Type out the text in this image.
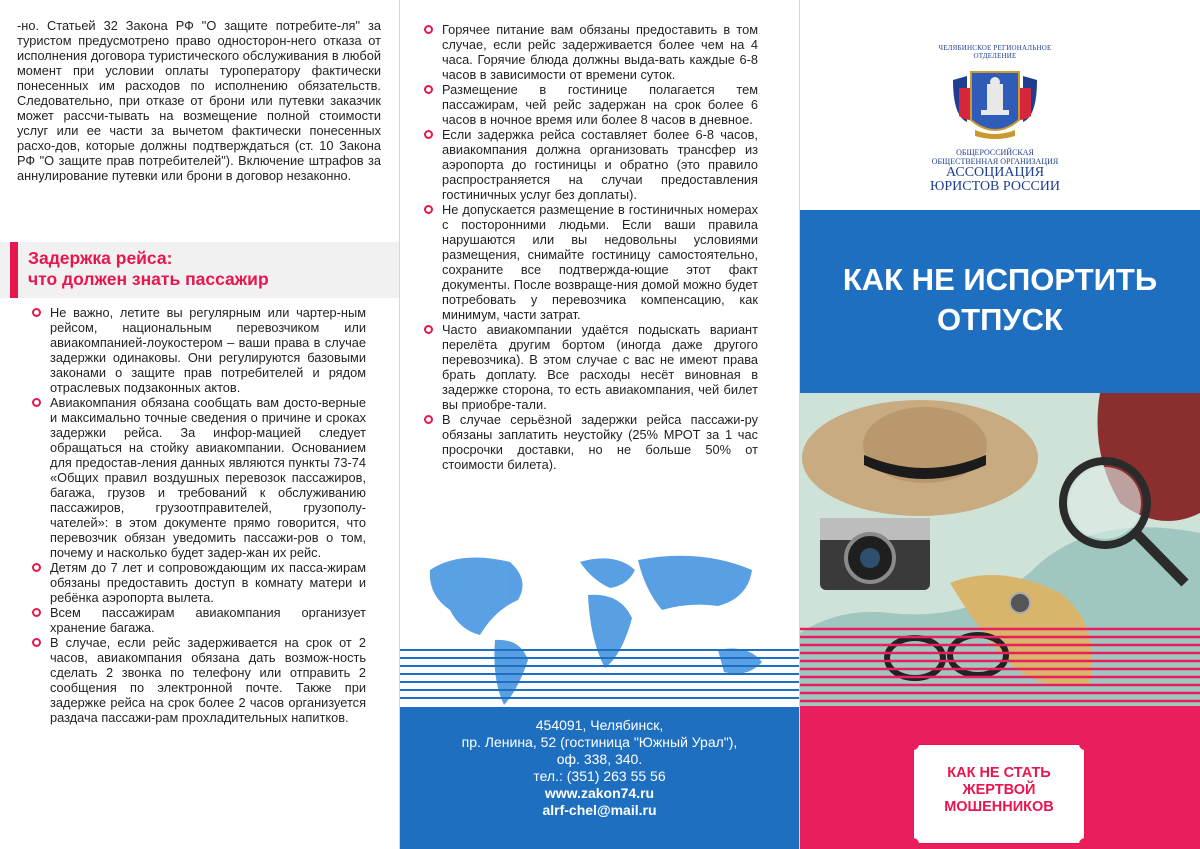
-но. Статьей 32 Закона РФ "О защите потребите-ля" за туристом предусмотрено право односторон-него отказа от исполнения договора туристического обслуживания в любой момент при условии оплаты туроператору фактически понесенных им расходов по исполнению обязательств. Следовательно, при отказе от брони или путевки заказчик может рассчи-тывать на возмещение полной стоимости услуг или ее части за вычетом фактически понесенных расхо-дов, которые должны подтверждаться (ст. 10 Закона РФ "О защите прав потребителей"). Включение штрафов за аннулирование путевки или брони в договор незаконно.

Задержка рейса:
что должен знать пассажир
Не важно, летите вы регулярным или чартер-ным рейсом, национальным перевозчиком или авиакомпанией-лоукостером – ваши права в случае задержки одинаковы. Они регулируются базовыми законами о защите прав потребителей и рядом отраслевых подзаконных актов.
Авиакомпания обязана сообщать вам досто-верные и максимально точные сведения о причине и сроках задержки рейса. За инфор-мацией следует обращаться на стойку авиакомпании. Основанием для предостав-ления данных являются пункты 73-74 «Общих правил воздушных перевозок пассажиров, багажа, грузов и требований к обслуживанию пассажиров, грузоотправителей, грузополу-чателей»: в этом документе прямо говорится, что перевозчик обязан уведомить пассажи-ров о том, почему и насколько будет задер-жан их рейс.
Детям до 7 лет и сопровождающим их пасса-жирам обязаны предоставить доступ в комнату матери и ребёнка аэропорта вылета.
Всем пассажирам авиакомпания организует хранение багажа.
В случае, если рейс задерживается на срок от 2 часов, авиакомпания обязана дать возмож-ность сделать 2 звонка по телефону или отправить 2 сообщения по электронной почте. Также при задержке рейса на срок более 2 часов организуется раздача пассажи-рам прохладительных напитков.
Горячее питание вам обязаны предоставить в том случае, если рейс задерживается более чем на 4 часа. Горячие блюда должны выда-вать каждые 6-8 часов в зависимости от времени суток.
Размещение в гостинице полагается тем пассажирам, чей рейс задержан на срок более 6 часов в ночное время или более 8 часов в дневное.
Если задержка рейса составляет более 6-8 часов, авиакомпания должна организовать трансфер из аэропорта до гостиницы и обратно (это правило распространяется на случаи предоставления гостиничных услуг без доплаты).
Не допускается размещение в гостиничных номерах с посторонними людьми. Если ваши правила нарушаются или вы недовольны условиями размещения, снимайте гостиницу самостоятельно, сохраните все подтвержда-ющие этот факт документы. После возвраще-ния домой можно будет потребовать у перевозчика компенсацию, как минимум, части затрат.
Часто авиакомпании удаётся подыскать вариант перелёта другим бортом (иногда даже другого перевозчика). В этом случае с вас не имеют права брать доплату. Все расходы несёт виновная в задержке сторона, то есть авиакомпания, чей билет вы приобре-тали.
В случае серьёзной задержки рейса пассажи-ру обязаны заплатить неустойку (25% МРОТ за 1 час просрочки доставки, но не больше 50% от стоимости билета).
454091, Челябинск,
пр. Ленина, 52 (гостиница "Южный Урал"),
оф. 338, 340.
тел.: (351) 263 55 56
www.zakon74.ru
alrf-chel@mail.ru
ЧЕЛЯБИНСКОЕ РЕГИОНАЛЬНОЕ
ОТДЕЛЕНИЕ
ОБЩЕРОССИЙСКАЯ
ОБЩЕСТВЕННАЯ ОРГАНИЗАЦИЯ
АССОЦИАЦИЯ
ЮРИСТОВ РОССИИ
КАК НЕ ИСПОРТИТЬ
ОТПУСК
КАК НЕ СТАТЬ
ЖЕРТВОЙ
МОШЕННИКОВ
